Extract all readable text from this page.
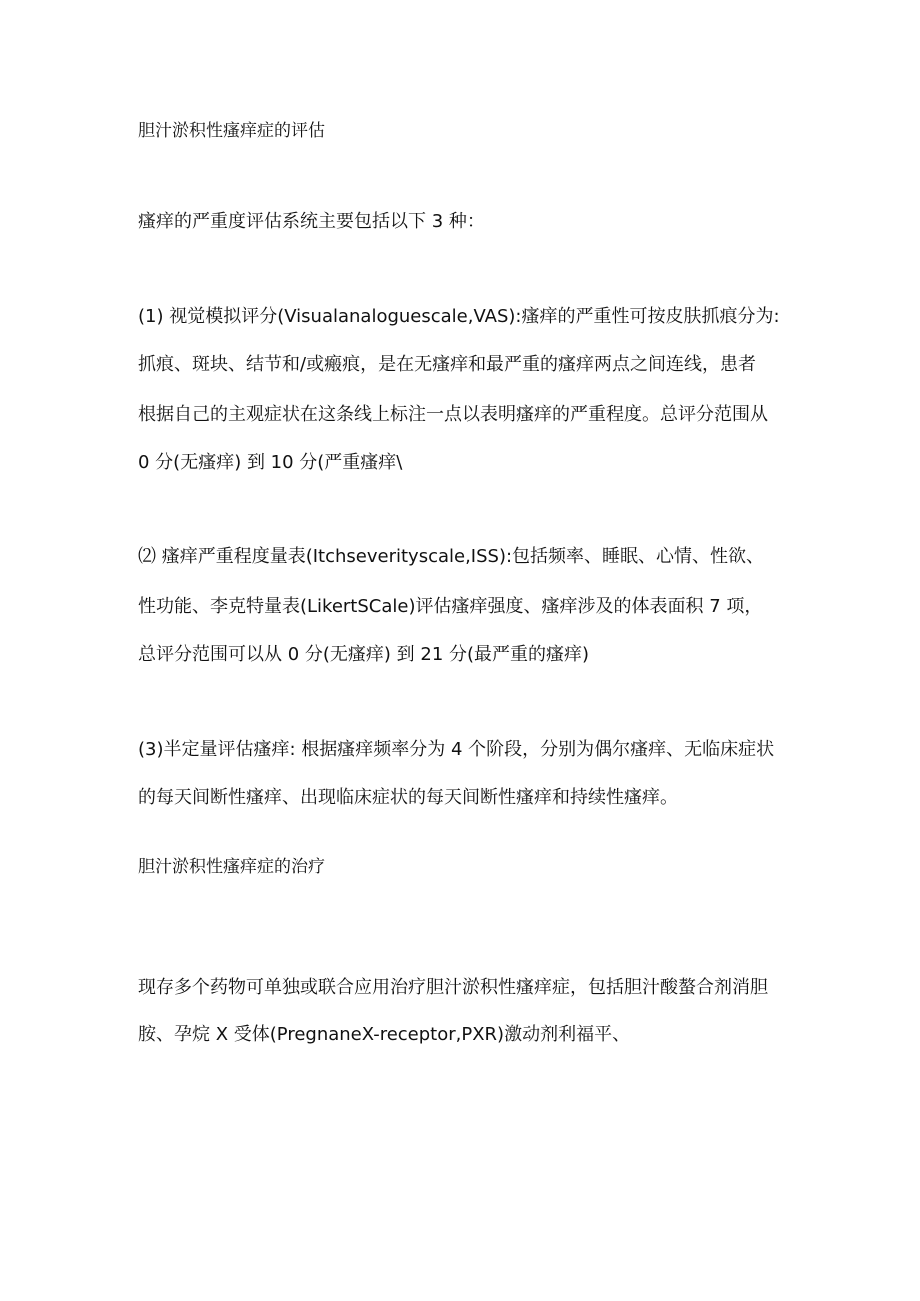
胆汁淤积性瘙痒症的评估
瘙痒的严重度评估系统主要包括以下 3 种：
(1) 视觉模拟评分(Visualanaloguescale,VAS):瘙痒的严重性可按皮肤抓痕分为:
抓痕、斑块、结节和/或瘢痕，是在无瘙痒和最严重的瘙痒两点之间连线，患者
根据自己的主观症状在这条线上标注一点以表明瘙痒的严重程度。总评分范围从
0 分(无瘙痒) 到 10 分(严重瘙痒\
⑵ 瘙痒严重程度量表(Itchseverityscale,ISS):包括频率、睡眠、心情、性欲、
性功能、李克特量表(LikertSCale)评估瘙痒强度、瘙痒涉及的体表面积 7 项，
总评分范围可以从 0 分(无瘙痒) 到 21 分(最严重的瘙痒)
(3)半定量评估瘙痒: 根据瘙痒频率分为 4 个阶段，分别为偶尔瘙痒、无临床症状
的每天间断性瘙痒、出现临床症状的每天间断性瘙痒和持续性瘙痒。
胆汁淤积性瘙痒症的治疗
现存多个药物可单独或联合应用治疗胆汁淤积性瘙痒症，包括胆汁酸螯合剂消胆
胺、孕烷 X 受体(PregnaneX-receptor,PXR)激动剂利福平、
